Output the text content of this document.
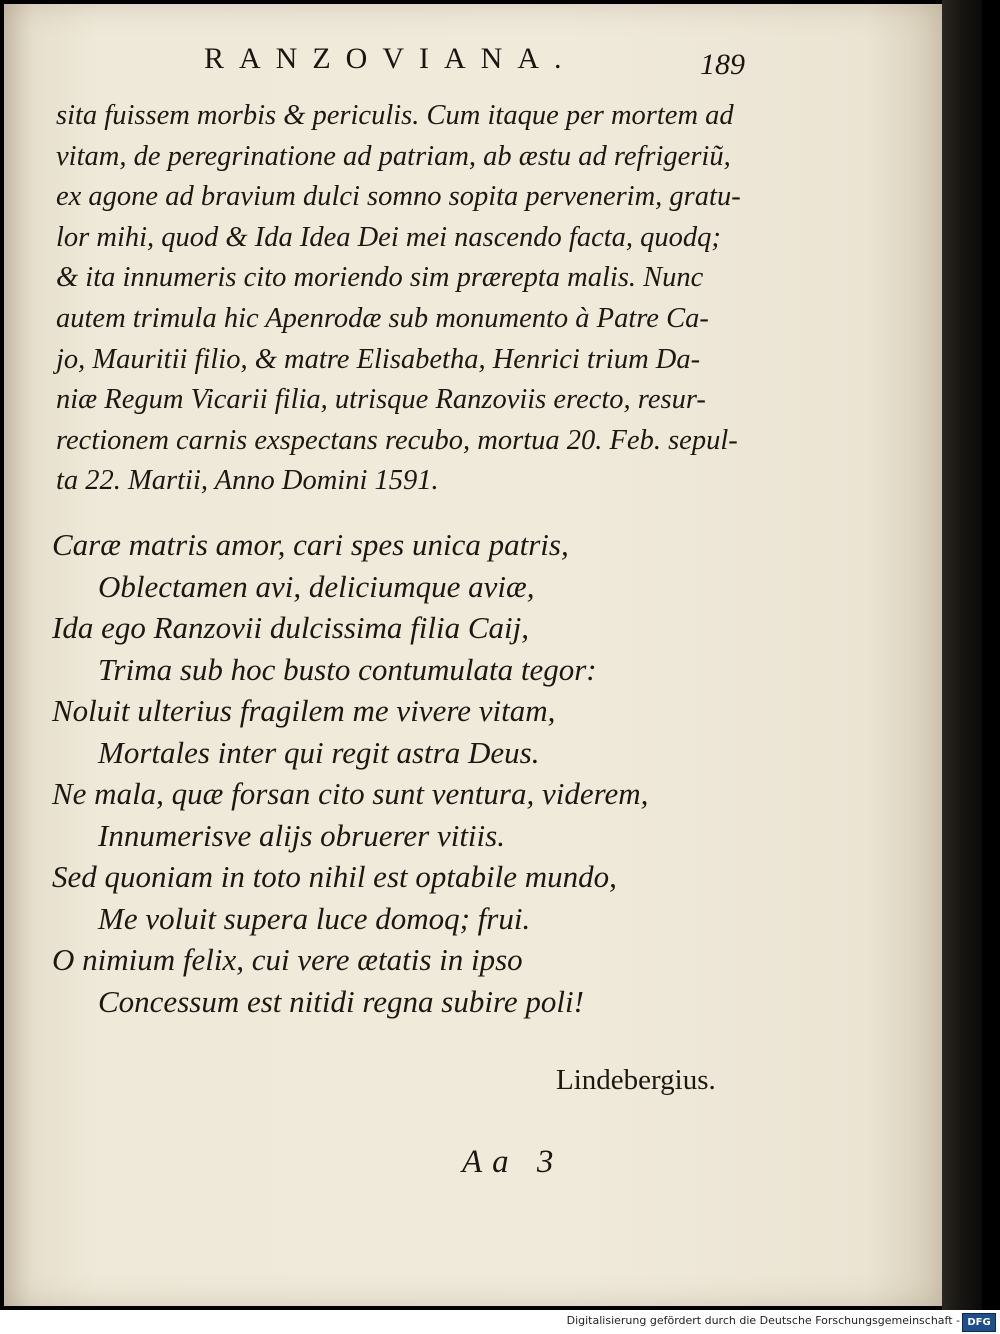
RANZOVIANA.	189
sita fuissem morbis & periculis. Cum itaque per mortem ad
vitam, de peregrinatione ad patriam, ab æstu ad refrigeriũ,
ex agone ad bravium dulci somno sopita pervenerim, gratu-
lor mihi, quod & Ida Idea Dei mei nascendo facta, quodq;
& ita innumeris cito moriendo sim prærepta malis. Nunc
autem trimula hic Apenrodæ sub monumento à Patre Ca-
jo, Mauritii filio, & matre Elisabetha, Henrici trium Da-
niæ Regum Vicarii filia, utrisque Ranzoviis erecto, resur-
rectionem carnis exspectans recubo, mortua 20. Feb. sepul-
ta 22. Martii, Anno Domini 1591.
Caræ matris amor, cari spes unica patris,
Oblectamen avi, deliciumque aviæ,
Ida ego Ranzovii dulcissima filia Caij,
Trima sub hoc busto contumulata tegor:
Noluit ulterius fragilem me vivere vitam,
Mortales inter qui regit astra Deus.
Ne mala, quæ forsan cito sunt ventura, viderem,
Innumerisve alijs obruerer vitiis.
Sed quoniam in toto nihil est optabile mundo,
Me voluit supera luce domoq; frui.
O nimium felix, cui vere ætatis in ipso
Concessum est nitidi regna subire poli!
Lindebergius.
Aa 3

Digitalisierung gefördert durch die Deutsche Forschungsgemeinschaft - DFG
